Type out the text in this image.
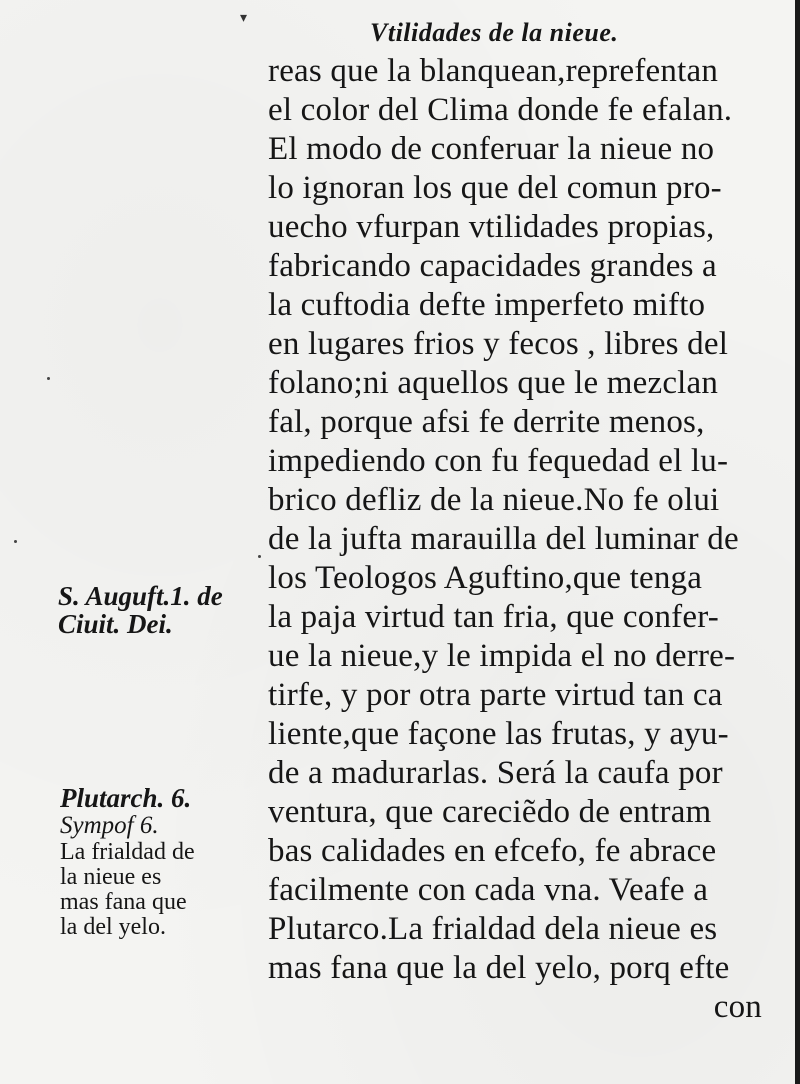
▾	Vtilidades de la nieue.
reas que la blanquean,reprefentan
el color del Clima donde fe efalan.
El modo de conferuar la nieue no
lo ignoran los que del comun pro-
uecho vfurpan vtilidades propias,
fabricando capacidades grandes a
la cuftodia defte imperfeto mifto
en lugares frios y fecos , libres del
folano;ni aquellos que le mezclan
fal, porque afsi fe derrite menos,
impediendo con fu fequedad el lu-
brico defliz de la nieue.No fe olui
de la jufta marauilla del luminar de
los Teologos Aguftino,que tenga
la paja virtud tan fria, que confer-
ue la nieue,y le impida el no derre-
tirfe, y por otra parte virtud tan ca
liente,que façone las frutas, y ayu-
de a madurarlas. Será la caufa por
ventura, que careciẽdo de entram
bas calidades en efcefo, fe abrace
facilmente con cada vna. Veafe a
Plutarco.La frialdad dela nieue es
mas fana que la del yelo, porq efte
con
S. Auguft.1. de
Ciuit. Dei.
Plutarch. 6.
Sympof 6.
La frialdad de
la nieue es
mas fana que
la del yelo.
